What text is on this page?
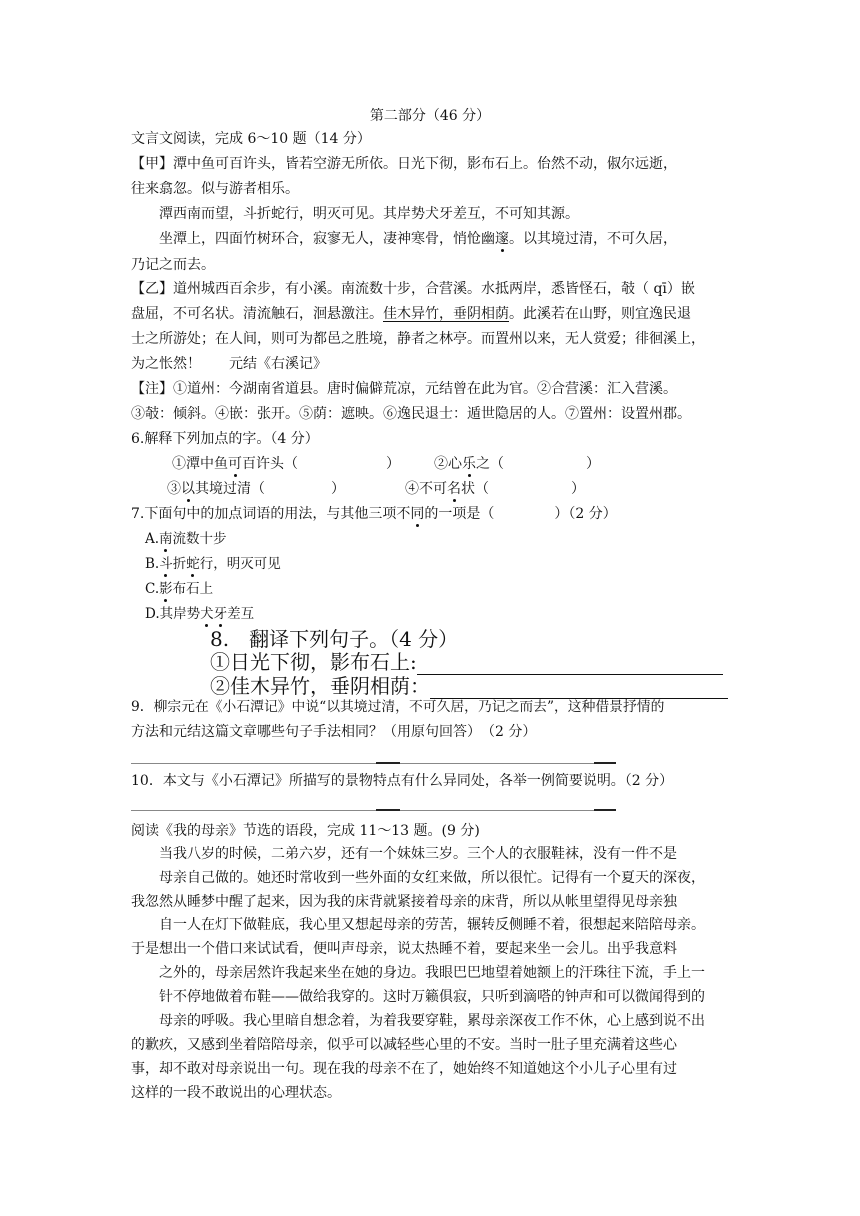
第二部分（46 分）
文言文阅读，完成 6～10 题（14 分）
【甲】潭中鱼可百许头，皆若空游无所依。日光下彻，影布石上。佁然不动，俶尔远逝，
往来翕忽。似与游者相乐。
潭西南而望，斗折蛇行，明灭可见。其岸势犬牙差互，不可知其源。
坐潭上，四面竹树环合，寂寥无人，凄神寒骨，悄怆幽邃。以其境过清，不可久居，
乃记之而去。
【乙】道州城西百余步，有小溪。南流数十步，合营溪。水抵两岸，悉皆怪石，攲（ qī）嵌
盘屈，不可名状。清流触石，洄悬激注。佳木异竹，垂阴相荫。此溪若在山野，则宜逸民退
士之所游处；在人间，则可为都邑之胜境，静者之林亭。而置州以来，无人赏爱；徘徊溪上，
为之怅然！　　元结《右溪记》
【注】①道州：今湖南省道县。唐时偏僻荒凉，元结曾在此为官。②合营溪：汇入营溪。
③攲：倾斜。④嵌：张开。⑤荫：遮映。⑥逸民退士：遁世隐居的人。⑦置州：设置州郡。
6.解释下列加点的字。（4 分）
①潭中鱼可百许头（	） ②心乐之（	）
③以其境过清（	）	④不可名状（	）
7.下面句中的加点词语的用法，与其他三项不同的一项是（	）（2 分）
A.南流数十步
B.斗折蛇行，明灭可见
C.影布石上
D.其岸势犬牙差互
8.　翻译下列句子。（4 分）
①日光下彻，影布石上:
②佳木异竹，垂阴相荫：
9．柳宗元在《小石潭记》中说“以其境过清，不可久居，乃记之而去”，这种借景抒情的
方法和元结这篇文章哪些句子手法相同？（用原句回答）　（2 分）
10．本文与《小石潭记》所描写的景物特点有什么异同处，各举一例简要说明。（2 分）
阅读《我的母亲》节选的语段，完成 11～13 题。(9 分)
当我八岁的时候，二弟六岁，还有一个妹妹三岁。三个人的衣服鞋袜，没有一件不是
母亲自己做的。她还时常收到一些外面的女红来做，所以很忙。记得有一个夏天的深夜，
我忽然从睡梦中醒了起来，因为我的床背就紧接着母亲的床背，所以从帐里望得见母亲独
自一人在灯下做鞋底，我心里又想起母亲的劳苦，辗转反侧睡不着，很想起来陪陪母亲。
于是想出一个借口来试试看，便叫声母亲，说太热睡不着，要起来坐一会儿。出乎我意料
之外的，母亲居然许我起来坐在她的身边。我眼巴巴地望着她额上的汗珠往下流，手上一
针不停地做着布鞋——做给我穿的。这时万籁俱寂，只听到滴嗒的钟声和可以微闻得到的
母亲的呼吸。我心里暗自想念着，为着我要穿鞋，累母亲深夜工作不休，心上感到说不出
的歉疚，又感到坐着陪陪母亲，似乎可以减轻些心里的不安。当时一肚子里充满着这些心
事，却不敢对母亲说出一句。现在我的母亲不在了，她始终不知道她这个小儿子心里有过
这样的一段不敢说出的心理状态。
